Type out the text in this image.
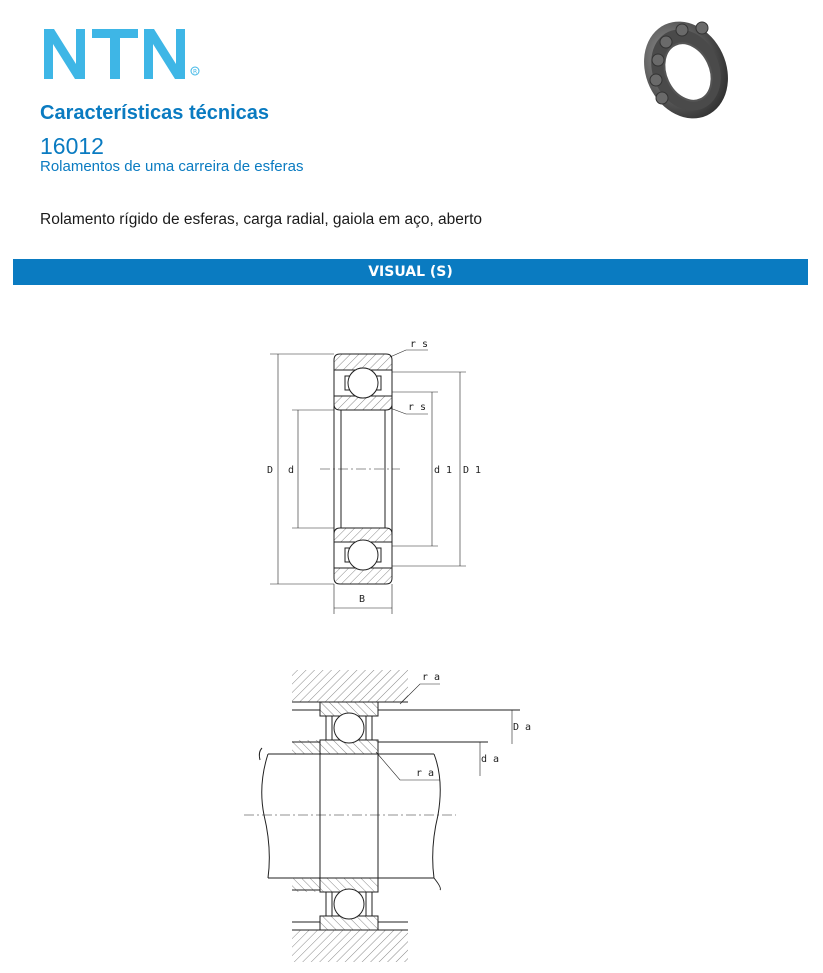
R
Características técnicas
16012
Rolamentos de uma carreira de esferas
Rolamento rígido de esferas, carga radial, gaiola em aço, aberto
VISUAL (S)
r s
r s
D d	d 1 D 1
B
r a
r a
D a
d a
